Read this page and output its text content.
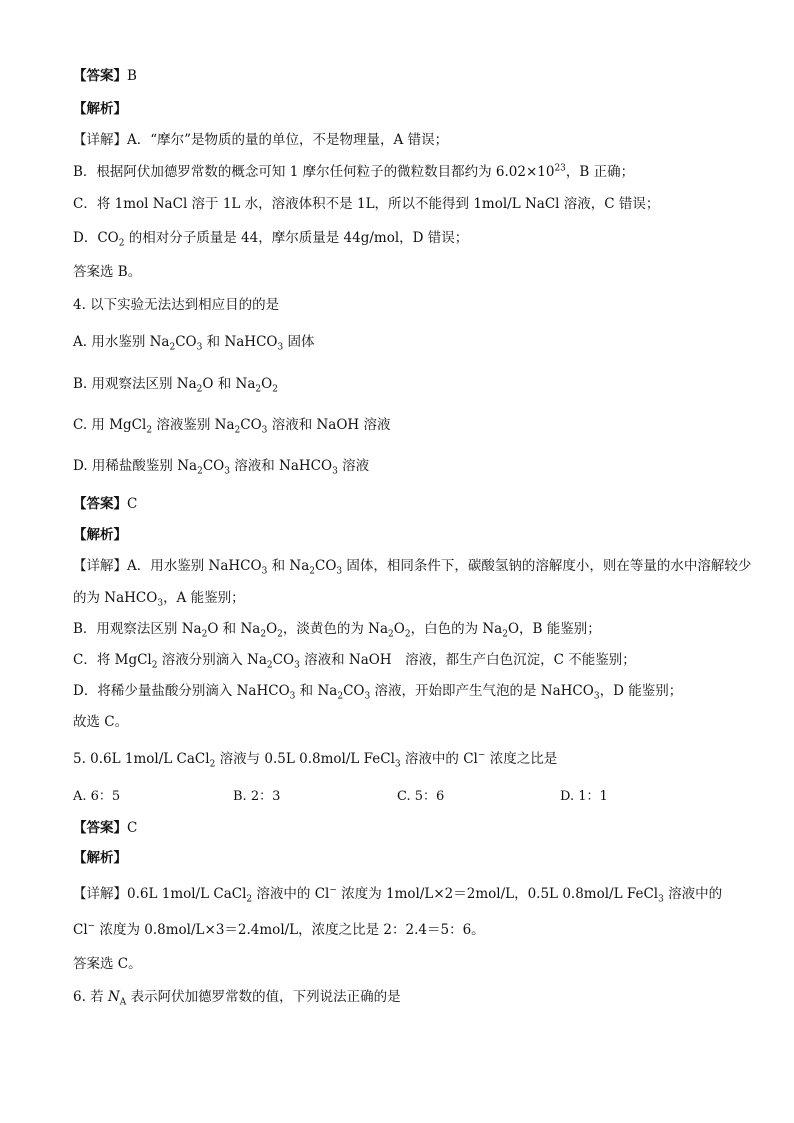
【答案】B
【解析】
【详解】A．“摩尔”是物质的量的单位，不是物理量，A 错误；
B．根据阿伏加德罗常数的概念可知 1 摩尔任何粒子的微粒数目都约为 $6.02\times 10^{23}$，B 正确；
C．将 1mol NaCl 溶于 1L 水，溶液体积不是 1L，所以不能得到 1mol/L NaCl 溶液，C 错误；
D．$CO_2$ 的相对分子质量是 44，摩尔质量是 44g/mol，D 错误；
答案选 B。
4. 以下实验无法达到相应目的的是
A. 用水鉴别 $Na_2CO_3$ 和 NaHCO$_3$ 固体
B. 用观察法区别 $Na_2O$ 和 $Na_2O_2$
C. 用 MgCl$_2$ 溶液鉴别 $Na_2CO_3$ 溶液和 NaOH 溶液
D. 用稀盐酸鉴别 $Na_2CO_3$ 溶液和 NaHCO$_3$ 溶液
【答案】C
【解析】
【详解】A．用水鉴别 NaHCO$_3$ 和 $Na_2CO_3$ 固体，相同条件下，碳酸氢钠的溶解度小，则在等量的水中溶解较少
的为 NaHCO$_3$，A 能鉴别；
B．用观察法区别 $Na_2O$ 和 $Na_2O_2$，淡黄色的为 $Na_2O_2$，白色的为 $Na_2O$，B 能鉴别；
C．将 MgCl$_2$ 溶液分别滴入 $Na_2CO_3$ 溶液和 NaOH　溶液，都生产白色沉淀，C 不能鉴别；
D．将稀少量盐酸分别滴入 NaHCO$_3$ 和 $Na_2CO_3$ 溶液，开始即产生气泡的是 NaHCO$_3$，D 能鉴别；
故选 C。
5. 0.6L 1mol/L CaCl$_2$ 溶液与 0.5L 0.8mol/L FeCl$_3$ 溶液中的 Cl− 浓度之比是
【答案】C
【解析】
【详解】0.6L 1mol/L CaCl$_2$ 溶液中的 Cl− 浓度为 1mol/L×2＝2mol/L，0.5L 0.8mol/L FeCl$_3$ 溶液中的
Cl− 浓度为 0.8mol/L×3＝2.4mol/L，浓度之比是 2：2.4＝5：6。
答案选 C。
6. 若 $N_A$ 表示阿伏加德罗常数的值，下列说法正确的是
A. 6：5	B. 2：3	C. 5：6	D. 1：1
